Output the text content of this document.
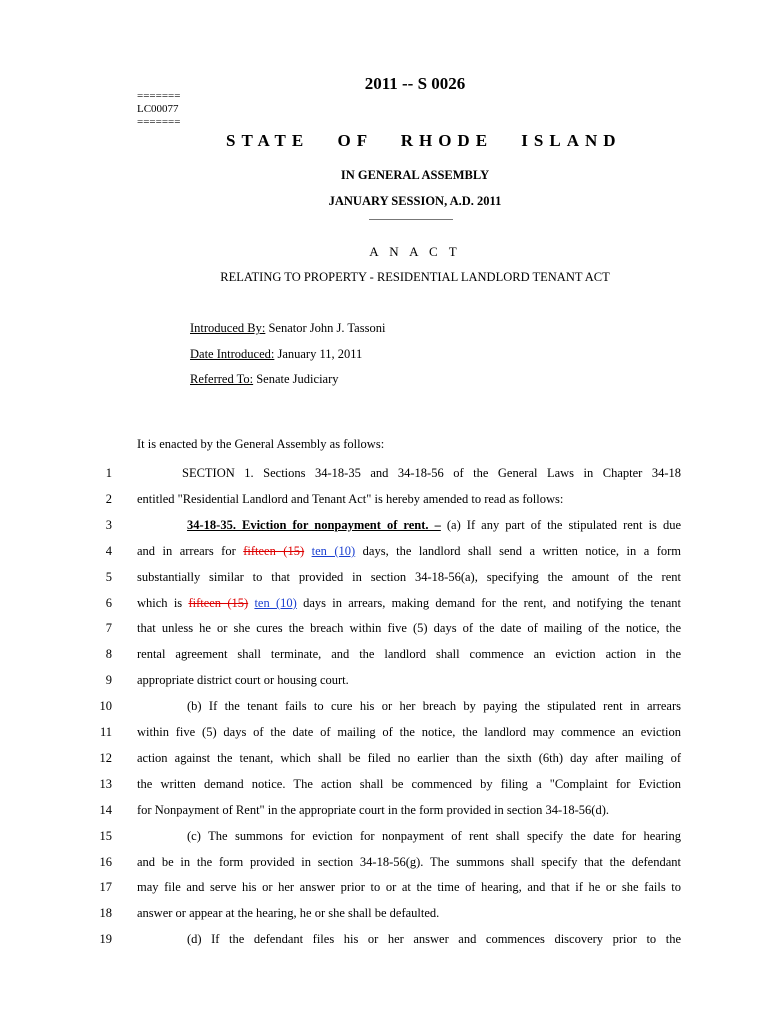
2011 -- S 0026
=======
LC00077
=======
STATE OF RHODE ISLAND
IN GENERAL ASSEMBLY
JANUARY SESSION, A.D. 2011
A N A C T
RELATING TO PROPERTY - RESIDENTIAL LANDLORD TENANT ACT
Introduced By: Senator John J. Tassoni
Date Introduced: January 11, 2011
Referred To: Senate Judiciary
It is enacted by the General Assembly as follows:
1	SECTION 1. Sections 34-18-35 and 34-18-56 of the General Laws in Chapter 34-18
2 entitled "Residential Landlord and Tenant Act" is hereby amended to read as follows:
3	34-18-35. Eviction for nonpayment of rent. – (a) If any part of the stipulated rent is due
4 and in arrears for fifteen (15) ten (10) days, the landlord shall send a written notice, in a form
5 substantially similar to that provided in section 34-18-56(a), specifying the amount of the rent
6 which is fifteen (15) ten (10) days in arrears, making demand for the rent, and notifying the tenant
7 that unless he or she cures the breach within five (5) days of the date of mailing of the notice, the
8 rental agreement shall terminate, and the landlord shall commence an eviction action in the
9 appropriate district court or housing court.
10	(b) If the tenant fails to cure his or her breach by paying the stipulated rent in arrears
11 within five (5) days of the date of mailing of the notice, the landlord may commence an eviction
12 action against the tenant, which shall be filed no earlier than the sixth (6th) day after mailing of
13 the written demand notice. The action shall be commenced by filing a "Complaint for Eviction
14 for Nonpayment of Rent" in the appropriate court in the form provided in section 34-18-56(d).
15	(c) The summons for eviction for nonpayment of rent shall specify the date for hearing
16 and be in the form provided in section 34-18-56(g). The summons shall specify that the defendant
17 may file and serve his or her answer prior to or at the time of hearing, and that if he or she fails to
18 answer or appear at the hearing, he or she shall be defaulted.
19	(d) If the defendant files his or her answer and commences discovery prior to the
